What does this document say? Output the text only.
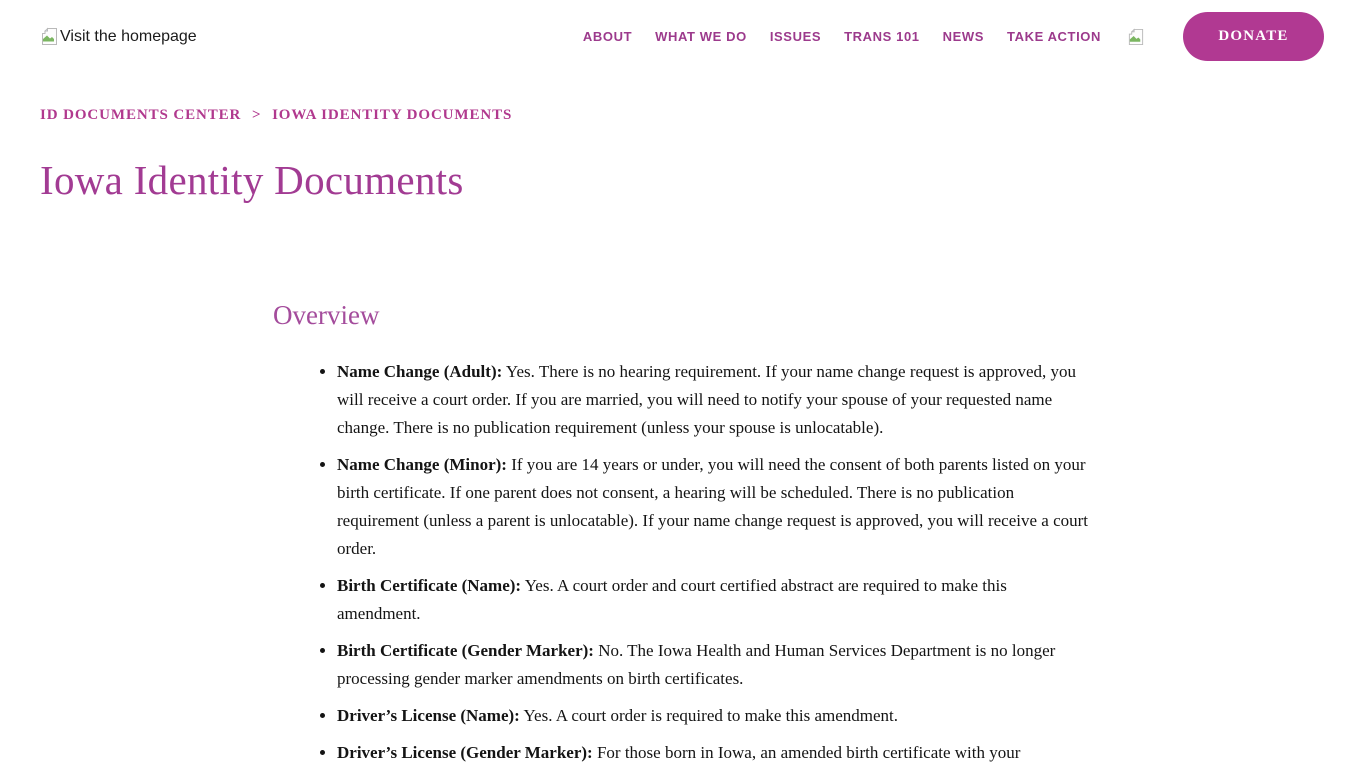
Visit the homepage	ABOUT WHAT WE DO ISSUES TRANS 101 NEWS TAKE ACTION	DONATE
ID DOCUMENTS CENTER > IOWA IDENTITY DOCUMENTS
Iowa Identity Documents
Overview
• Name Change (Adult): Yes. There is no hearing requirement. If your name change request is approved, you will receive a court order. If you are married, you will need to notify your spouse of your requested name change. There is no publication requirement (unless your spouse is unlocatable).
• Name Change (Minor): If you are 14 years or under, you will need the consent of both parents listed on your birth certificate. If one parent does not consent, a hearing will be scheduled. There is no publication requirement (unless a parent is unlocatable). If your name change request is approved, you will receive a court order.
• Birth Certificate (Name): Yes. A court order and court certified abstract are required to make this amendment.
• Birth Certificate (Gender Marker): No. The Iowa Health and Human Services Department is no longer processing gender marker amendments on birth certificates.
• Driver’s License (Name): Yes. A court order is required to make this amendment.
• Driver’s License (Gender Marker): For those born in Iowa, an amended birth certificate with your
